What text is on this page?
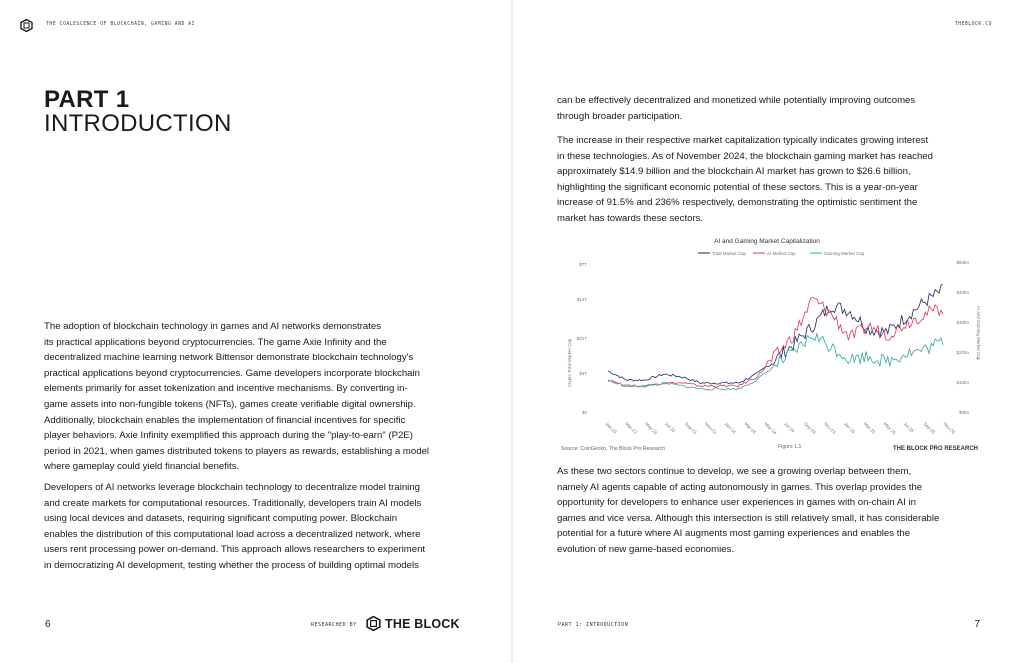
THE COALESCENCE OF BLOCKCHAIN, GAMING AND AI
PART 1
INTRODUCTION

The adoption of blockchain technology in games and AI networks demonstrates

its practical applications beyond cryptocurrencies. The game Axie Infinity and the

decentralized machine learning network Bittensor demonstrate blockchain technology's

practical applications beyond cryptocurrencies. Game developers incorporate blockchain

elements primarily for asset tokenization and incentive mechanisms. By converting in-

game assets into non-fungible tokens (NFTs), games create verifiable digital ownership.

Additionally, blockchain enables the implementation of financial incentives for specific

player behaviors. Axie Infinity exemplified this approach during the "play-to-earn" (P2E)

period in 2021, when games distributed tokens to players as rewards, establishing a model

where gameplay could yield financial benefits.

Developers of AI networks leverage blockchain technology to decentralize model training

and create markets for computational resources. Traditionally, developers train AI models

using local devices and datasets, requiring significant computing power. Blockchain

enables the distribution of this computational load across a decentralized network, where

users rent processing power on-demand. This approach allows researchers to experiment

in democratizing AI development, testing whether the process of building optimal models

6	RESEARCHED BY THE BLOCK
THEBLOCK.CO

can be effectively decentralized and monetized while potentially improving outcomes

through broader participation.

The increase in their respective market capitalization typically indicates growing interest

in these technologies. As of November 2024, the blockchain gaming market has reached

approximately $14.9 billion and the blockchain AI market has grown to $26.6 billion,

highlighting the significant economic potential of these sectors. This is a year-on-year

increase of 91.5% and 236% respectively, demonstrating the optimistic sentiment the

market has towards these sectors.

AI and Gaming Market Capitalization
Total Market Cap	AI Market Cap	Gaming Market Cap
$0
$7T
$14T
$21T
$4T
$0bn
$10bn
$20bn
$30bn
$40bn
$50bn
Crypto Total Market Cap
AI and Gaming Market Cap
Jan-23 Mar-23 May-23 Jul-23 Sep-23 Nov-23 Jan-24 Mar-24 May-24 Jul-24 Sep-24 Nov-24 Jan-25 Mar-25 May-25 Jul-25 Sep-25 Nov-25
Source: CoinGecko, The Block Pro Research	Figure 1.1	THE BLOCK PRO RESEARCH

As these two sectors continue to develop, we see a growing overlap between them,

namely AI agents capable of acting autonomously in games. This overlap provides the

opportunity for developers to enhance user experiences in games with on-chain AI in

games and vice versa. Although this intersection is still relatively small, it has considerable

potential for a future where AI augments most gaming experiences and enables the

evolution of new game-based economies.

PART 1: INTRODUCTION	7
